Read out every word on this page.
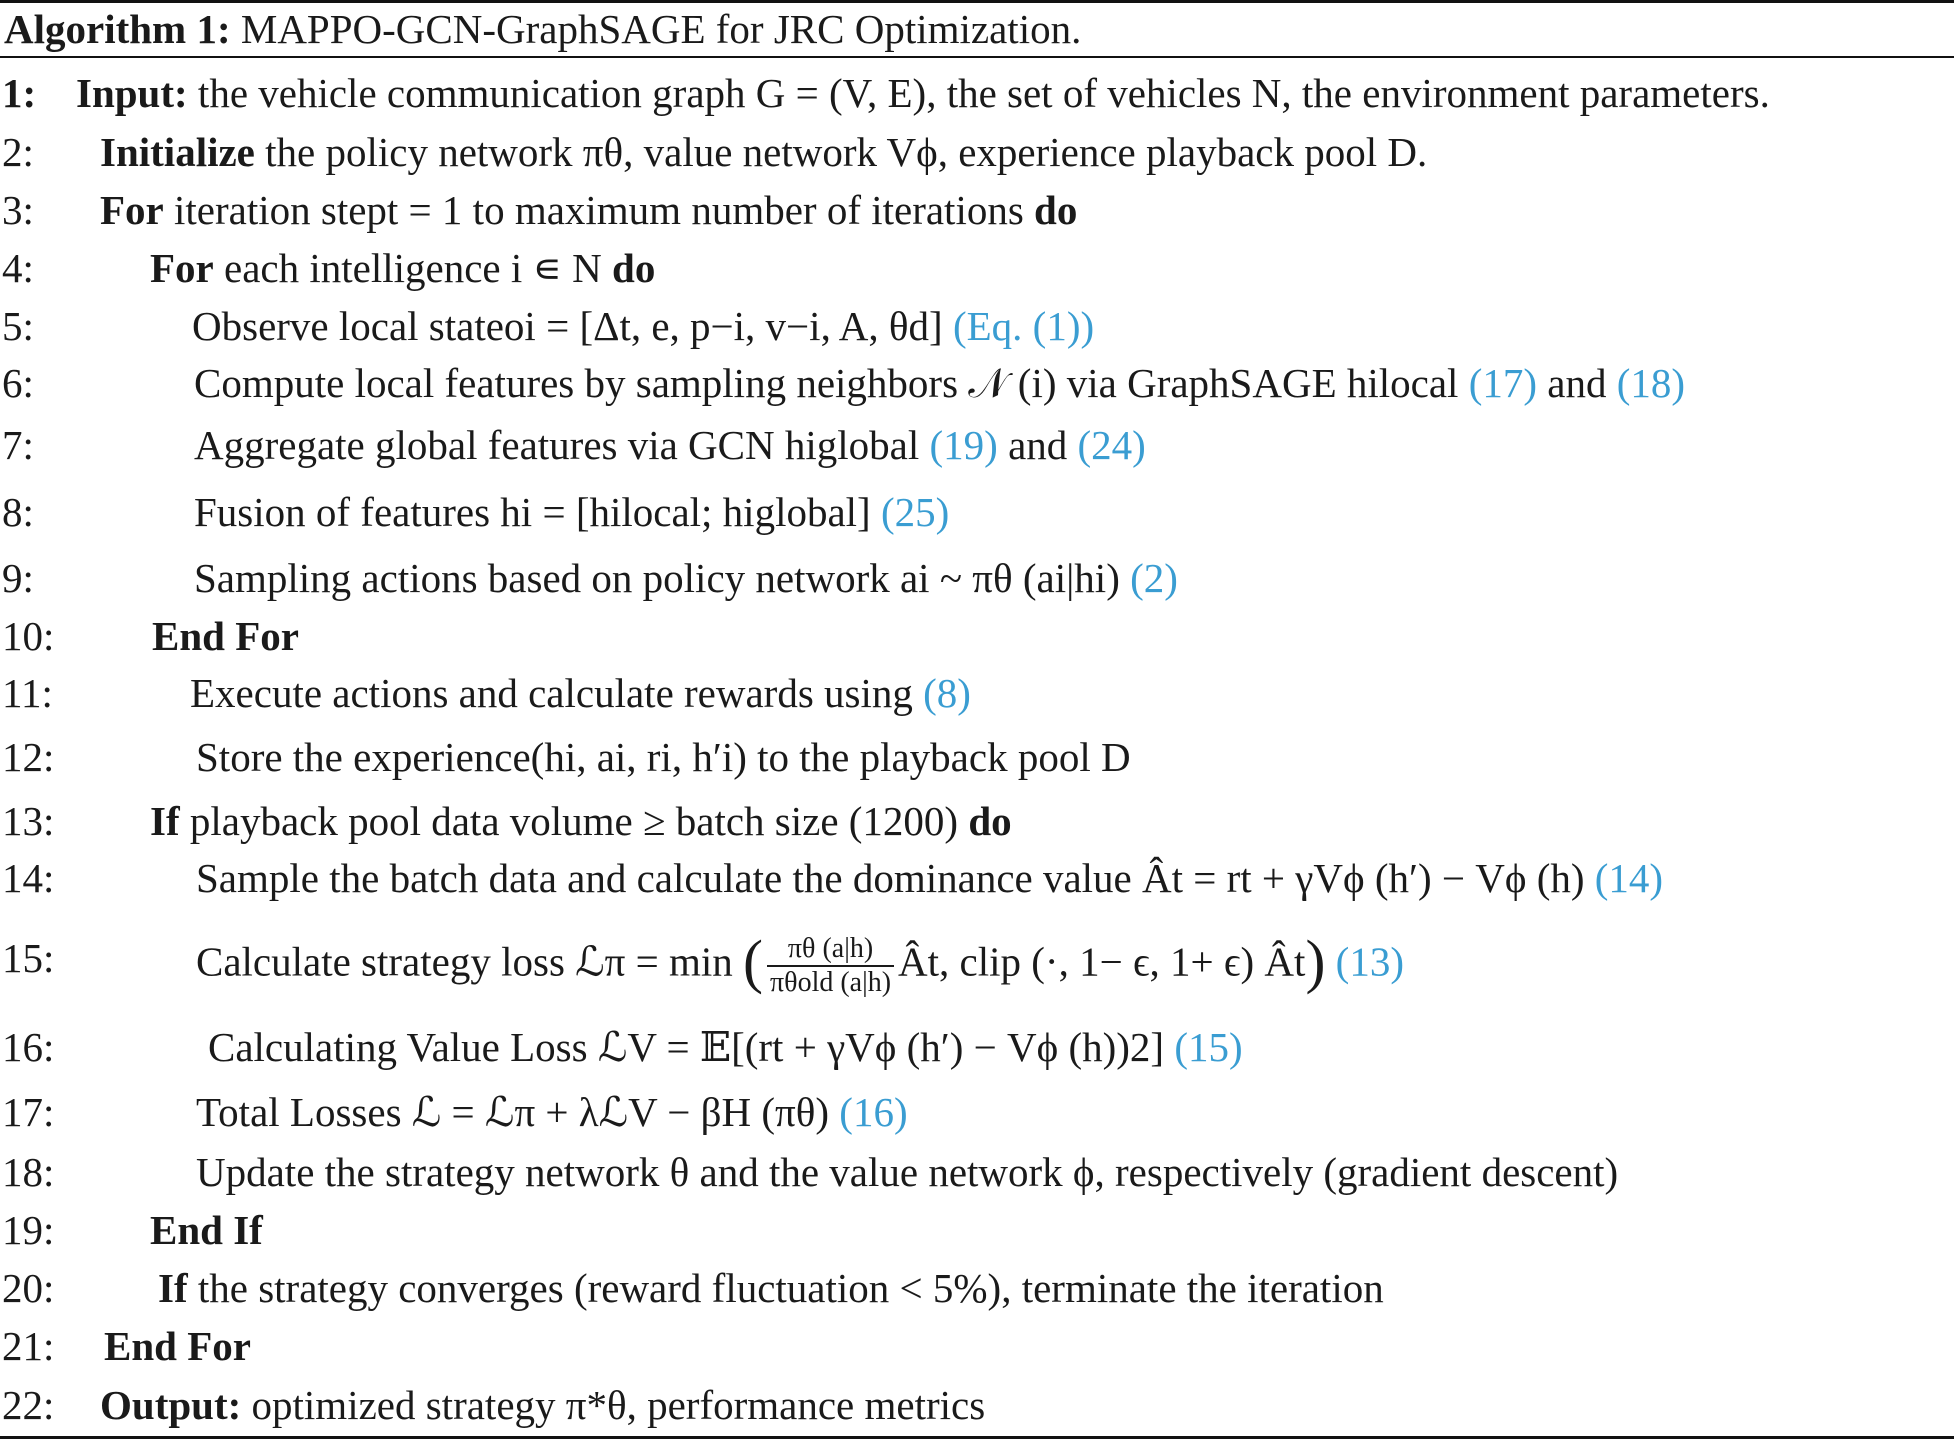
Algorithm 1: MAPPO-GCN-GraphSAGE for JRC Optimization.
1: Input: the vehicle communication graph G = (V, E), the set of vehicles N, the environment parameters.
2: Initialize the policy network πθ, value network Vϕ, experience playback pool D.
3: For iteration stept = 1 to maximum number of iterations do
4:	For each intelligence i ∊ N do
5:	Observe local stateoi = [Δt, e, p−i, v−i, A, θd] (Eq. (1))
6:	Compute local features by sampling neighbors 𝒩 (i) via GraphSAGE hilocal (17) and (18)
7:	Aggregate global features via GCN higlobal (19) and (24)
8:	Fusion of features hi = [hilocal; higlobal] (25)
9:	Sampling actions based on policy network ai ~ πθ (ai|hi) (2)
10: End For
11:	Execute actions and calculate rewards using (8)
12:	Store the experience(hi, ai, ri, h′i) to the playback pool D
13: If playback pool data volume ≥ batch size (1200) do
14:	Sample the batch data and calculate the dominance value Ât = rt + γVϕ (h′) − Vϕ (h) (14)
15:	Calculate strategy loss ℒπ = min ( $\frac{\pi\theta (a|h)}{\text{πθold (a|h)}}$ Ât, clip (·, 1− ϵ, 1+ ϵ) Ât) (13)
16:	Calculating Value Loss ℒV = 𝔼[(rt + γVϕ (h′) − Vϕ (h))2] (15)
17:	Total Losses ℒ = ℒπ + λℒV − βH (πθ) (16)
18:	Update the strategy network θ and the value network ϕ, respectively (gradient descent)
19: End If
20:	If the strategy converges (reward fluctuation < 5%), terminate the iteration
21: End For
22: Output: optimized strategy π*θ, performance metrics
